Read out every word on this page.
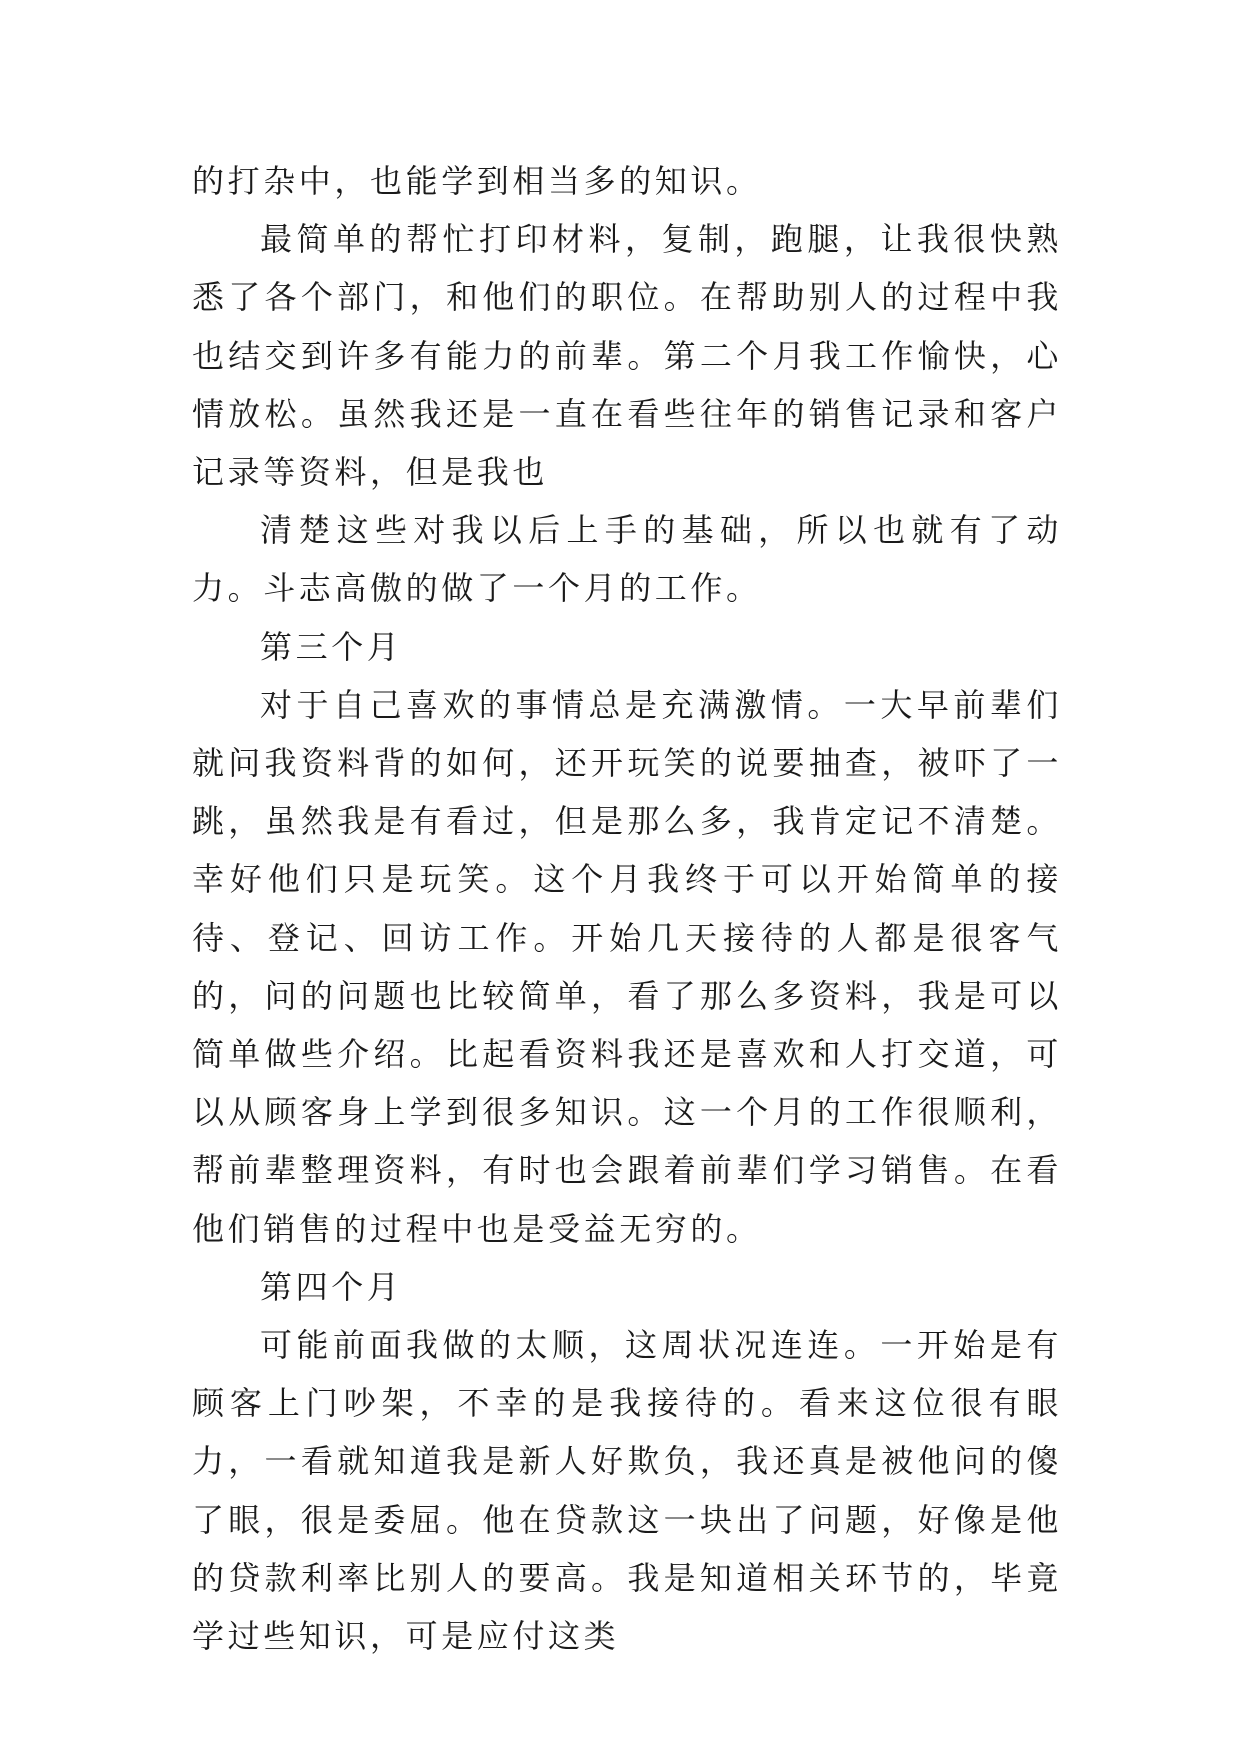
的打杂中，也能学到相当多的知识。

最简单的帮忙打印材料，复制，跑腿，让我很快熟悉了各个部门，和他们的职位。在帮助别人的过程中我也结交到许多有能力的前辈。第二个月我工作愉快，心情放松。虽然我还是一直在看些往年的销售记录和客户记录等资料，但是我也

清楚这些对我以后上手的基础，所以也就有了动力。斗志高傲的做了一个月的工作。

第三个月

对于自己喜欢的事情总是充满激情。一大早前辈们就问我资料背的如何，还开玩笑的说要抽查，被吓了一跳，虽然我是有看过，但是那么多，我肯定记不清楚。幸好他们只是玩笑。这个月我终于可以开始简单的接待、登记、回访工作。开始几天接待的人都是很客气的，问的问题也比较简单，看了那么多资料，我是可以简单做些介绍。比起看资料我还是喜欢和人打交道，可以从顾客身上学到很多知识。这一个月的工作很顺利，帮前辈整理资料，有时也会跟着前辈们学习销售。在看他们销售的过程中也是受益无穷的。

第四个月

可能前面我做的太顺，这周状况连连。一开始是有顾客上门吵架，不幸的是我接待的。看来这位很有眼力，一看就知道我是新人好欺负，我还真是被他问的傻了眼，很是委屈。他在贷款这一块出了问题，好像是他的贷款利率比别人的要高。我是知道相关环节的，毕竟学过些知识，可是应付这类
